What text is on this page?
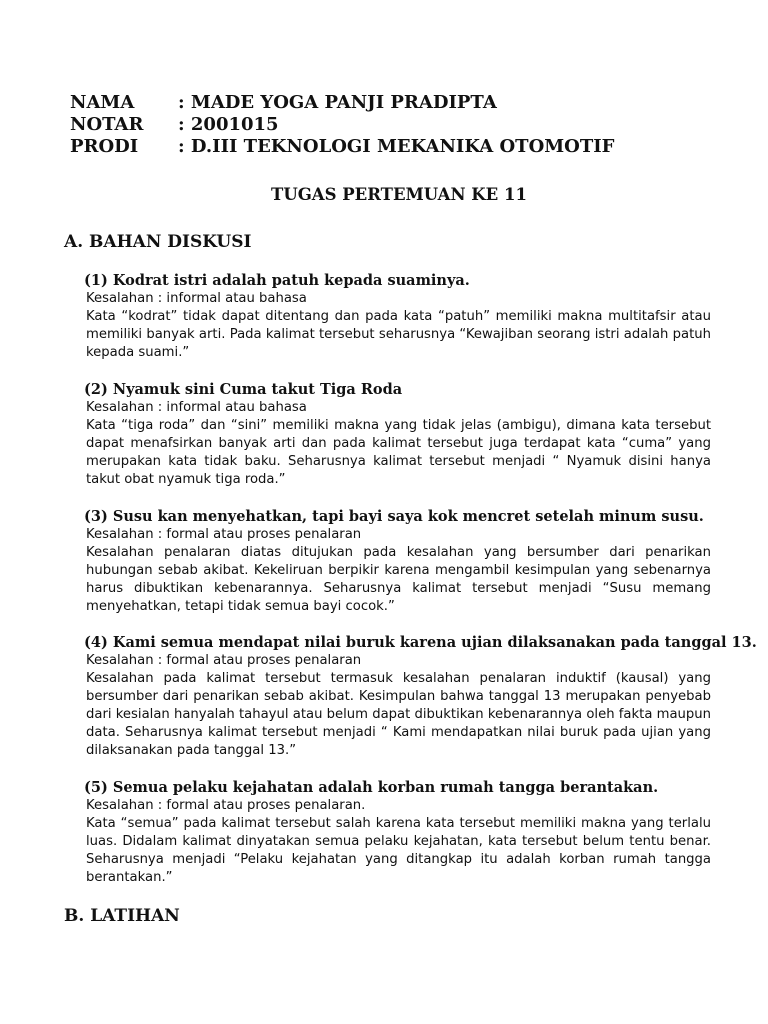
NAMA	: MADE YOGA PANJI PRADIPTA
NOTAR	: 2001015
PRODI	: D.III TEKNOLOGI MEKANIKA OTOMOTIF
TUGAS PERTEMUAN KE 11
A. BAHAN DISKUSI
(1) Kodrat istri adalah patuh kepada suaminya.
Kesalahan : informal atau bahasa
Kata “kodrat” tidak dapat ditentang dan pada kata “patuh” memiliki makna multitafsir atau memiliki banyak arti. Pada kalimat tersebut seharusnya “Kewajiban seorang istri adalah patuh kepada suami.”
(2) Nyamuk sini Cuma takut Tiga Roda
Kesalahan : informal atau bahasa
Kata “tiga roda” dan “sini” memiliki makna yang tidak jelas (ambigu), dimana kata tersebut dapat menafsirkan banyak arti dan pada kalimat tersebut juga terdapat kata “cuma” yang merupakan kata tidak baku. Seharusnya kalimat tersebut menjadi “ Nyamuk disini hanya takut obat nyamuk tiga roda.”
(3) Susu kan menyehatkan, tapi bayi saya kok mencret setelah minum susu.
Kesalahan : formal atau proses penalaran
Kesalahan penalaran diatas ditujukan pada kesalahan yang bersumber dari penarikan hubungan sebab akibat. Kekeliruan berpikir karena mengambil kesimpulan yang sebenarnya harus dibuktikan kebenarannya. Seharusnya kalimat tersebut menjadi “Susu memang menyehatkan, tetapi tidak semua bayi cocok.”
(4) Kami semua mendapat nilai buruk karena ujian dilaksanakan pada tanggal 13.
Kesalahan : formal atau proses penalaran
Kesalahan pada kalimat tersebut termasuk kesalahan penalaran induktif (kausal) yang bersumber dari penarikan sebab akibat. Kesimpulan bahwa tanggal 13 merupakan penyebab dari kesialan hanyalah tahayul atau belum dapat dibuktikan kebenarannya oleh fakta maupun data. Seharusnya kalimat tersebut menjadi “ Kami mendapatkan nilai buruk pada ujian yang dilaksanakan pada tanggal 13.”
(5) Semua pelaku kejahatan adalah korban rumah tangga berantakan.
Kesalahan : formal atau proses penalaran.
Kata “semua” pada kalimat tersebut salah karena kata tersebut memiliki makna yang terlalu luas. Didalam kalimat dinyatakan semua pelaku kejahatan, kata tersebut belum tentu benar. Seharusnya menjadi “Pelaku kejahatan yang ditangkap itu adalah korban rumah tangga berantakan.”
B. LATIHAN
